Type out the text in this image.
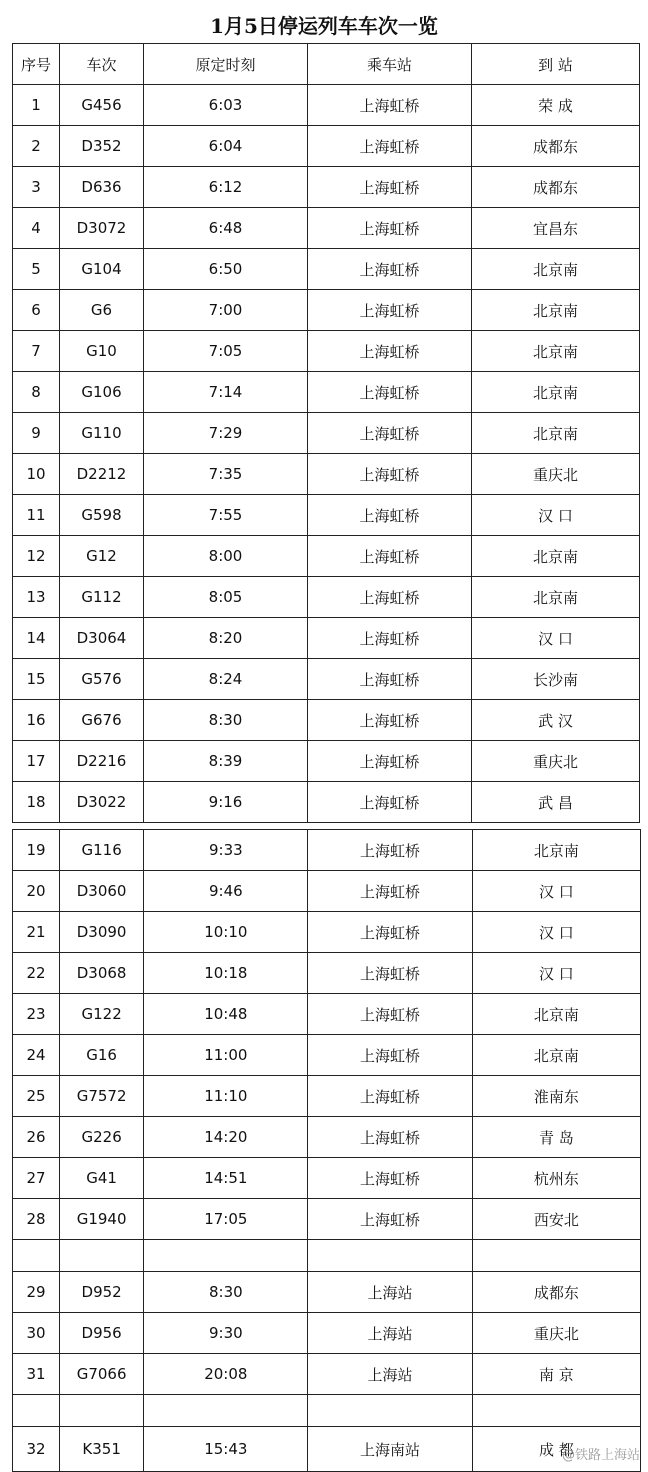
1月5日停运列车车次一览
序号	车次	原定时刻	乘车站	到 站
1	G456	6:03	上海虹桥	荣 成
2	D352	6:04	上海虹桥	成都东
3	D636	6:12	上海虹桥	成都东
4	D3072	6:48	上海虹桥	宜昌东
5	G104	6:50	上海虹桥	北京南
6	G6	7:00	上海虹桥	北京南
7	G10	7:05	上海虹桥	北京南
8	G106	7:14	上海虹桥	北京南
9	G110	7:29	上海虹桥	北京南
10	D2212	7:35	上海虹桥	重庆北
11	G598	7:55	上海虹桥	汉 口
12	G12	8:00	上海虹桥	北京南
13	G112	8:05	上海虹桥	北京南
14	D3064	8:20	上海虹桥	汉 口
15	G576	8:24	上海虹桥	长沙南
16	G676	8:30	上海虹桥	武 汉
17	D2216	8:39	上海虹桥	重庆北
18	D3022	9:16	上海虹桥	武 昌
19	G116	9:33	上海虹桥	北京南
20	D3060	9:46	上海虹桥	汉 口
21	D3090	10:10	上海虹桥	汉 口
22	D3068	10:18	上海虹桥	汉 口
23	G122	10:48	上海虹桥	北京南
24	G16	11:00	上海虹桥	北京南
25	G7572	11:10	上海虹桥	淮南东
26	G226	14:20	上海虹桥	青 岛
27	G41	14:51	上海虹桥	杭州东
28	G1940	17:05	上海虹桥	西安北

29	D952	8:30	上海站	成都东
30	D956	9:30	上海站	重庆北
31	G7066	20:08	上海站	南 京

32	K351	15:43	上海南站	成 都
@铁路上海站
